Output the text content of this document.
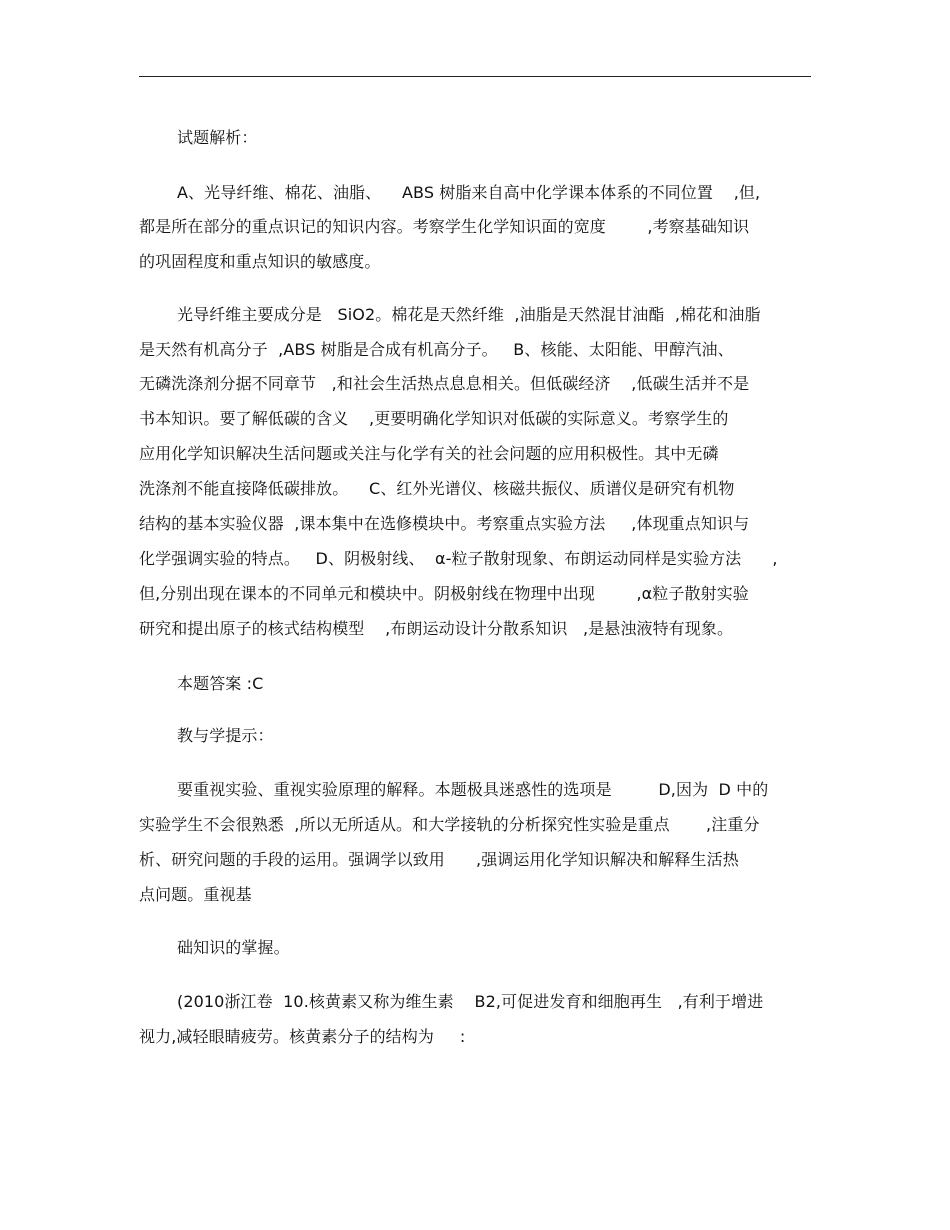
试题解析：
A、光导纤维、棉花、油脂、    ABS 树脂来自高中化学课本体系的不同位置    ,但,
都是所在部分的重点识记的知识内容。考察学生化学知识面的宽度        ,考察基础知识
的巩固程度和重点知识的敏感度。
光导纤维主要成分是   SiO2。棉花是天然纤维  ,油脂是天然混甘油酯  ,棉花和油脂
是天然有机高分子  ,ABS 树脂是合成有机高分子。   B、核能、太阳能、甲醇汽油、
无磷洗涤剂分据不同章节   ,和社会生活热点息息相关。但低碳经济    ,低碳生活并不是
书本知识。要了解低碳的含义    ,更要明确化学知识对低碳的实际意义。考察学生的
应用化学知识解决生活问题或关注与化学有关的社会问题的应用积极性。其中无磷
洗涤剂不能直接降低碳排放。    C、红外光谱仪、核磁共振仪、质谱仪是研究有机物
结构的基本实验仪器  ,课本集中在选修模块中。考察重点实验方法     ,体现重点知识与
化学强调实验的特点。   D、阴极射线、  α-粒子散射现象、布朗运动同样是实验方法      ,
但,分别出现在课本的不同单元和模块中。阴极射线在物理中出现        ,α粒子散射实验
研究和提出原子的核式结构模型    ,布朗运动设计分散系知识   ,是悬浊液特有现象。
本题答案 :C
教与学提示：
要重视实验、重视实验原理的解释。本题极具迷惑性的选项是         D,因为  D 中的
实验学生不会很熟悉  ,所以无所适从。和大学接轨的分析探究性实验是重点       ,注重分
析、研究问题的手段的运用。强调学以致用      ,强调运用化学知识解决和解释生活热
点问题。重视基
础知识的掌握。
(2010浙江卷  10.核黄素又称为维生素    B2,可促进发育和细胞再生   ,有利于增进
视力,减轻眼睛疲劳。核黄素分子的结构为     :
